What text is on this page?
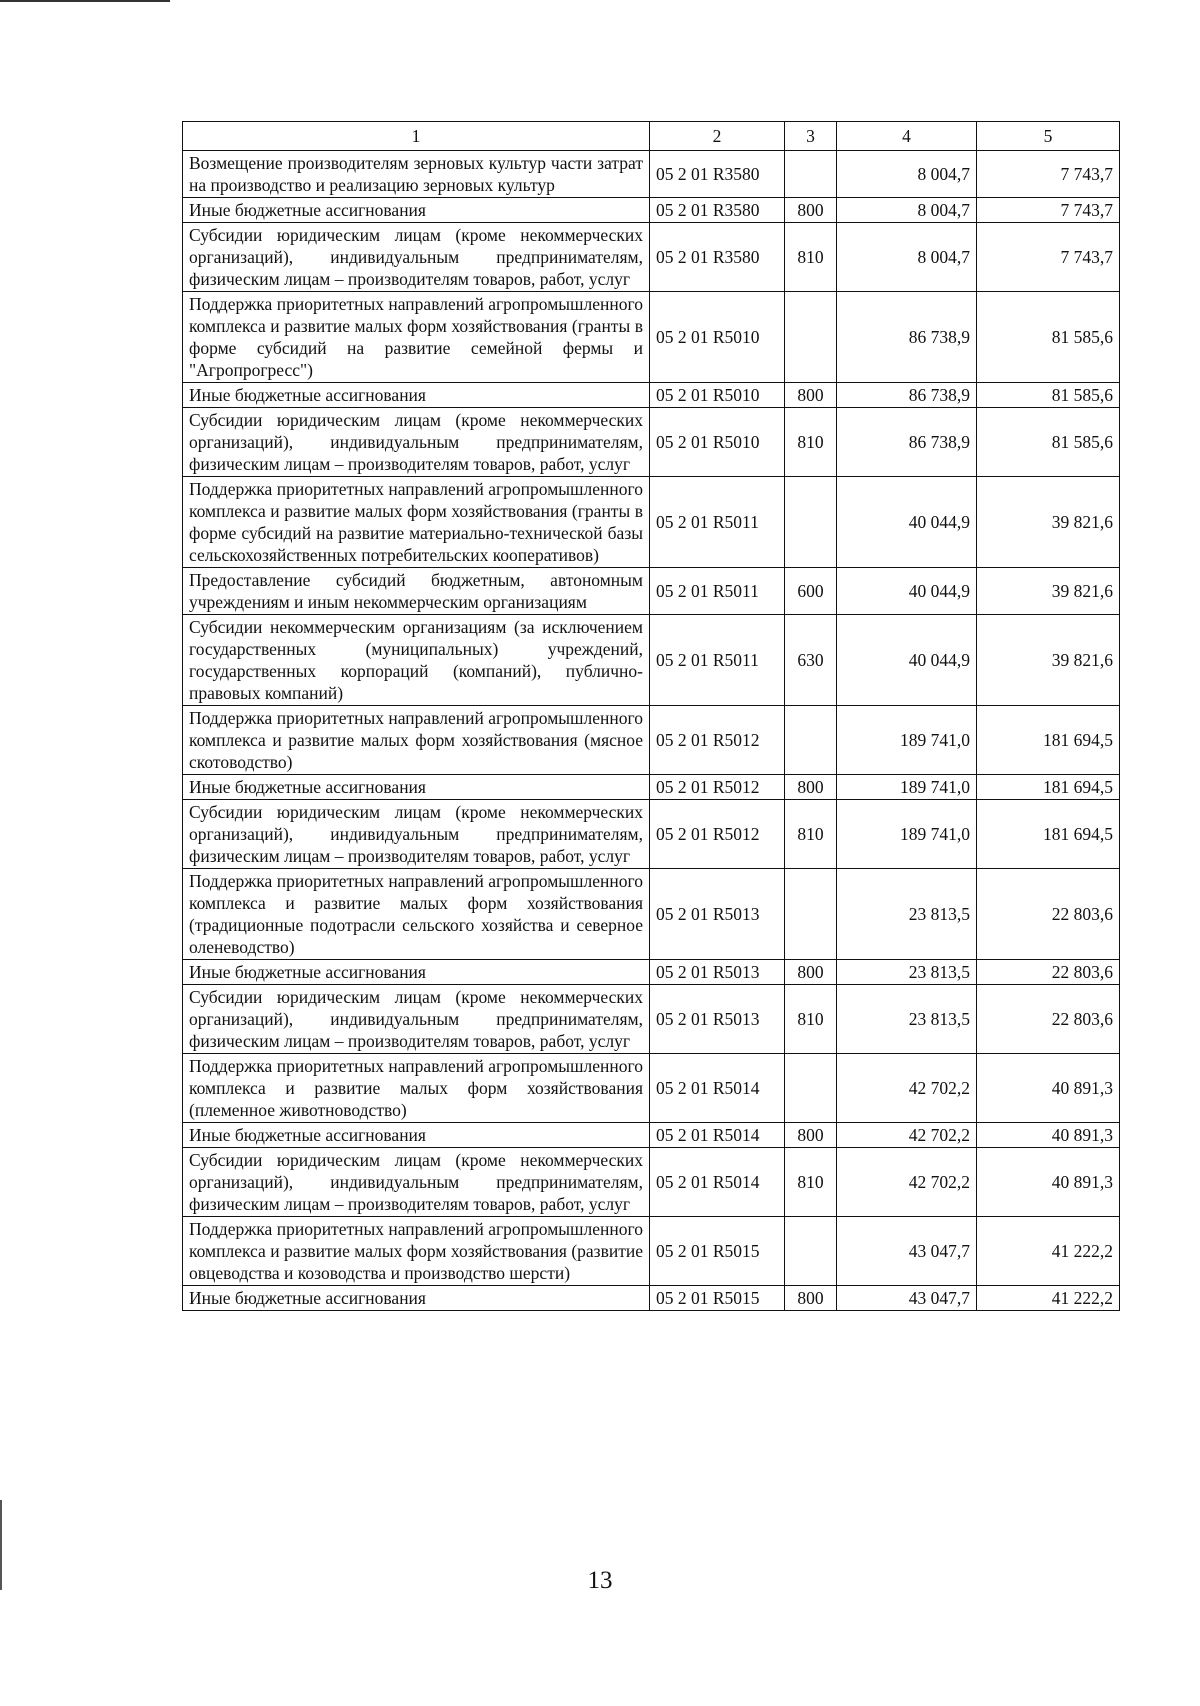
1	2	3	4	5
Возмещение производителям зерновых культур части затрат на производство и реализацию зерновых культур	05 2 01 R3580		8 004,7	7 743,7
Иные бюджетные ассигнования	05 2 01 R3580	800	8 004,7	7 743,7
Субсидии юридическим лицам (кроме некоммерческих организаций), индивидуальным предпринимателям, физическим лицам – производителям товаров, работ, услуг	05 2 01 R3580	810	8 004,7	7 743,7
Поддержка приоритетных направлений агропромышленного комплекса и развитие малых форм хозяйствования (гранты в форме субсидий на развитие семейной фермы и "Агропрогресс")	05 2 01 R5010		86 738,9	81 585,6
Иные бюджетные ассигнования	05 2 01 R5010	800	86 738,9	81 585,6
Субсидии юридическим лицам (кроме некоммерческих организаций), индивидуальным предпринимателям, физическим лицам – производителям товаров, работ, услуг	05 2 01 R5010	810	86 738,9	81 585,6
Поддержка приоритетных направлений агропромышленного комплекса и развитие малых форм хозяйствования (гранты в форме субсидий на развитие материально-технической базы сельскохозяйственных потребительских кооперативов)	05 2 01 R5011		40 044,9	39 821,6
Предоставление субсидий бюджетным, автономным учреждениям и иным некоммерческим организациям	05 2 01 R5011	600	40 044,9	39 821,6
Субсидии некоммерческим организациям (за исключением государственных (муниципальных) учреждений, государственных корпораций (компаний), публично-правовых компаний)	05 2 01 R5011	630	40 044,9	39 821,6
Поддержка приоритетных направлений агропромышленного комплекса и развитие малых форм хозяйствования (мясное скотоводство)	05 2 01 R5012		189 741,0	181 694,5
Иные бюджетные ассигнования	05 2 01 R5012	800	189 741,0	181 694,5
Субсидии юридическим лицам (кроме некоммерческих организаций), индивидуальным предпринимателям, физическим лицам – производителям товаров, работ, услуг	05 2 01 R5012	810	189 741,0	181 694,5
Поддержка приоритетных направлений агропромышленного комплекса и развитие малых форм хозяйствования (традиционные подотрасли сельского хозяйства и северное оленеводство)	05 2 01 R5013		23 813,5	22 803,6
Иные бюджетные ассигнования	05 2 01 R5013	800	23 813,5	22 803,6
Субсидии юридическим лицам (кроме некоммерческих организаций), индивидуальным предпринимателям, физическим лицам – производителям товаров, работ, услуг	05 2 01 R5013	810	23 813,5	22 803,6
Поддержка приоритетных направлений агропромышленного комплекса и развитие малых форм хозяйствования (племенное животноводство)	05 2 01 R5014		42 702,2	40 891,3
Иные бюджетные ассигнования	05 2 01 R5014	800	42 702,2	40 891,3
Субсидии юридическим лицам (кроме некоммерческих организаций), индивидуальным предпринимателям, физическим лицам – производителям товаров, работ, услуг	05 2 01 R5014	810	42 702,2	40 891,3
Поддержка приоритетных направлений агропромышленного комплекса и развитие малых форм хозяйствования (развитие овцеводства и козоводства и производство шерсти)	05 2 01 R5015		43 047,7	41 222,2
Иные бюджетные ассигнования	05 2 01 R5015	800	43 047,7	41 222,2
13
